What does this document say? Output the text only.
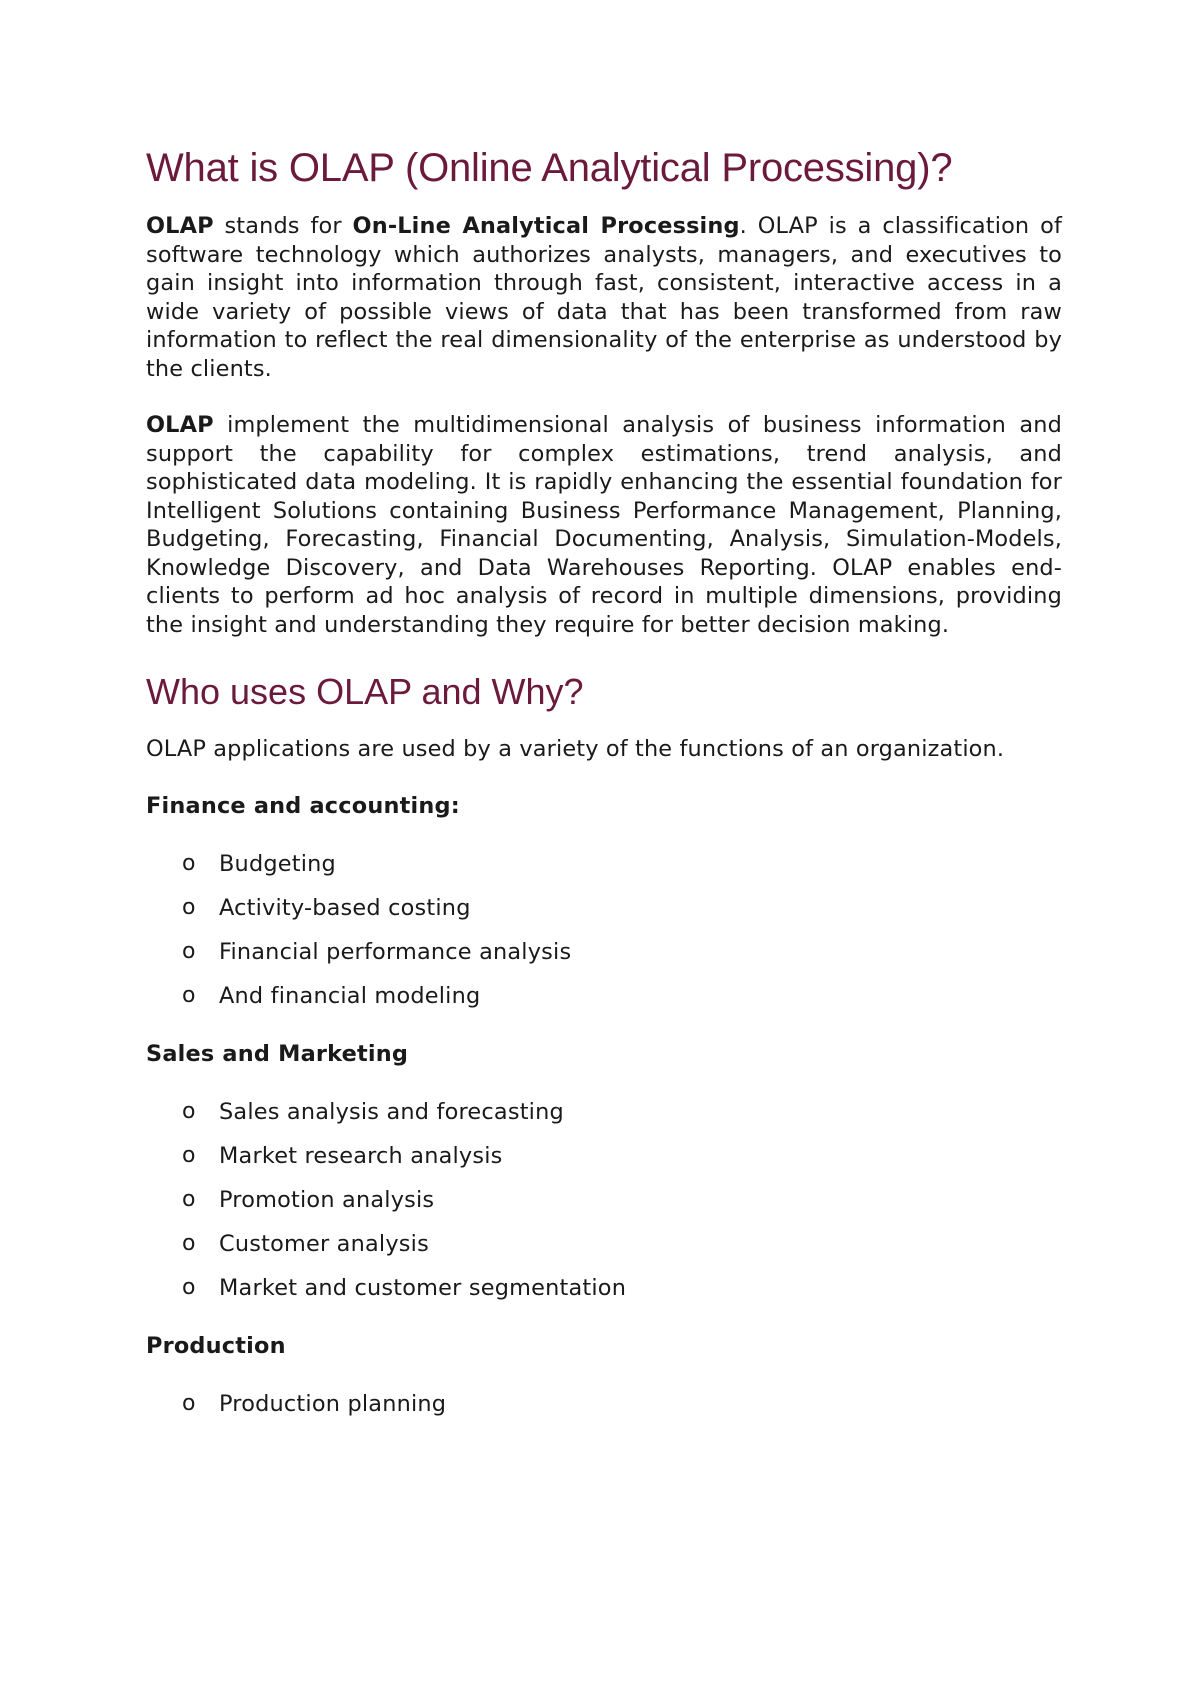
What is OLAP (Online Analytical Processing)?

OLAP stands for On-Line Analytical Processing. OLAP is a classification of software technology which authorizes analysts, managers, and executives to gain insight into information through fast, consistent, interactive access in a wide variety of possible views of data that has been transformed from raw information to reflect the real dimensionality of the enterprise as understood by the clients.

OLAP implement the multidimensional analysis of business information and support the capability for complex estimations, trend analysis, and sophisticated data modeling. It is rapidly enhancing the essential foundation for Intelligent Solutions containing Business Performance Management, Planning, Budgeting, Forecasting, Financial Documenting, Analysis, Simulation-Models, Knowledge Discovery, and Data Warehouses Reporting. OLAP enables end-clients to perform ad hoc analysis of record in multiple dimensions, providing the insight and understanding they require for better decision making.

Who uses OLAP and Why?

OLAP applications are used by a variety of the functions of an organization.

Finance and accounting:
o Budgeting
o Activity-based costing
o Financial performance analysis
o And financial modeling
Sales and Marketing
o Sales analysis and forecasting
o Market research analysis
o Promotion analysis
o Customer analysis
o Market and customer segmentation
Production
o Production planning
